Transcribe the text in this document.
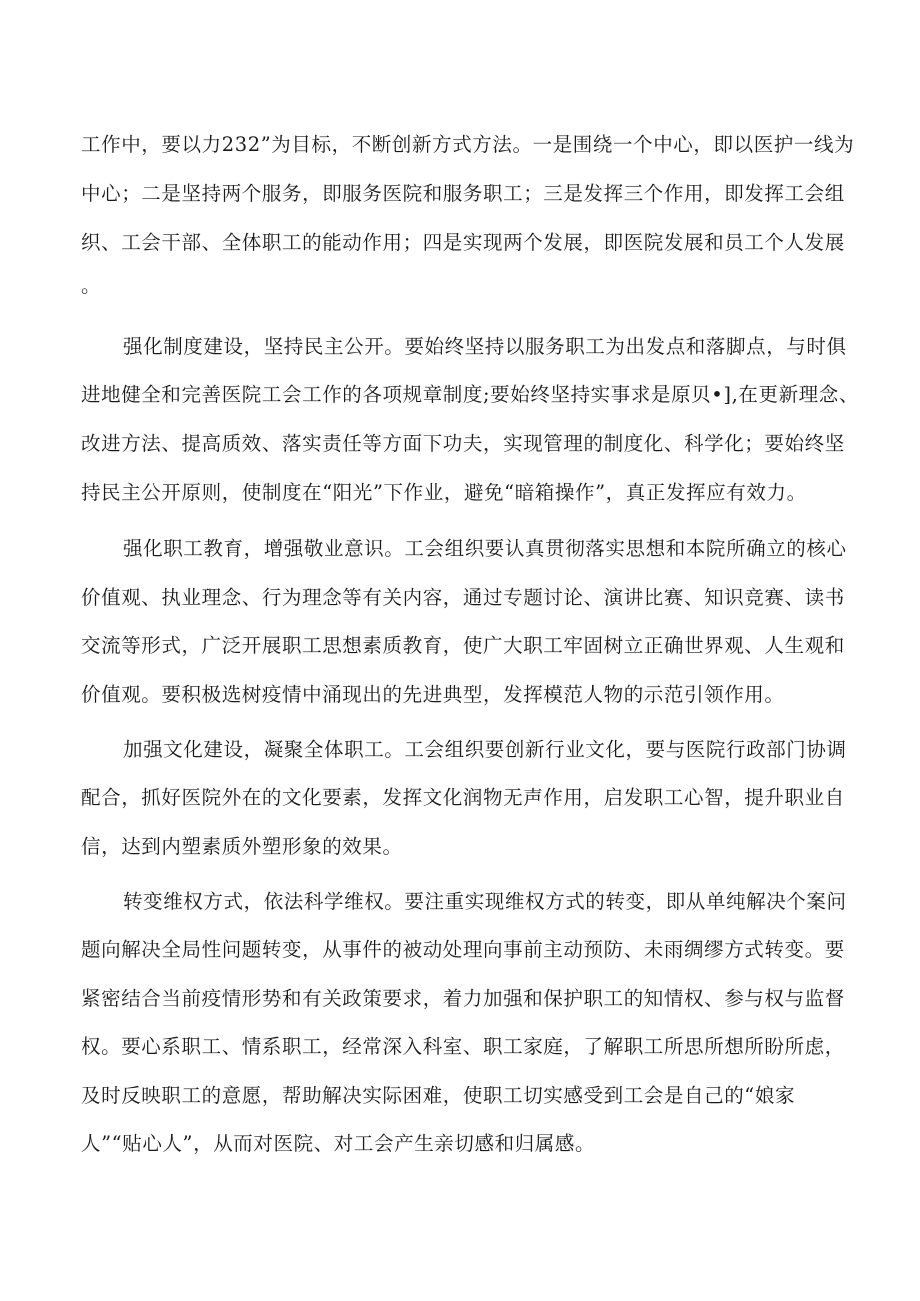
工作中，要以力232”为目标，不断创新方式方法。一是围绕一个中心，即以医护一线为
中心；二是坚持两个服务，即服务医院和服务职工；三是发挥三个作用，即发挥工会组
织、工会干部、全体职工的能动作用；四是实现两个发展，即医院发展和员工个人发展
。
强化制度建设，坚持民主公开。要始终坚持以服务职工为出发点和落脚点，与时俱
进地健全和完善医院工会工作的各项规章制度;要始终坚持实事求是原贝•],在更新理念、
改进方法、提高质效、落实责任等方面下功夫，实现管理的制度化、科学化；要始终坚
持民主公开原则，使制度在“阳光”下作业，避免“暗箱操作”，真正发挥应有效力。
强化职工教育，增强敬业意识。工会组织要认真贯彻落实思想和本院所确立的核心
价值观、执业理念、行为理念等有关内容，通过专题讨论、演讲比赛、知识竞赛、读书
交流等形式，广泛开展职工思想素质教育，使广大职工牢固树立正确世界观、人生观和
价值观。要积极选树疫情中涌现出的先进典型，发挥模范人物的示范引领作用。
加强文化建设，凝聚全体职工。工会组织要创新行业文化，要与医院行政部门协调
配合，抓好医院外在的文化要素，发挥文化润物无声作用，启发职工心智，提升职业自
信，达到内塑素质外塑形象的效果。
转变维权方式，依法科学维权。要注重实现维权方式的转变，即从单纯解决个案问
题向解决全局性问题转变，从事件的被动处理向事前主动预防、未雨绸缪方式转变。要
紧密结合当前疫情形势和有关政策要求，着力加强和保护职工的知情权、参与权与监督
权。要心系职工、情系职工，经常深入科室、职工家庭，了解职工所思所想所盼所虑，
及时反映职工的意愿，帮助解决实际困难，使职工切实感受到工会是自己的“娘家
人”“贴心人”，从而对医院、对工会产生亲切感和归属感。
